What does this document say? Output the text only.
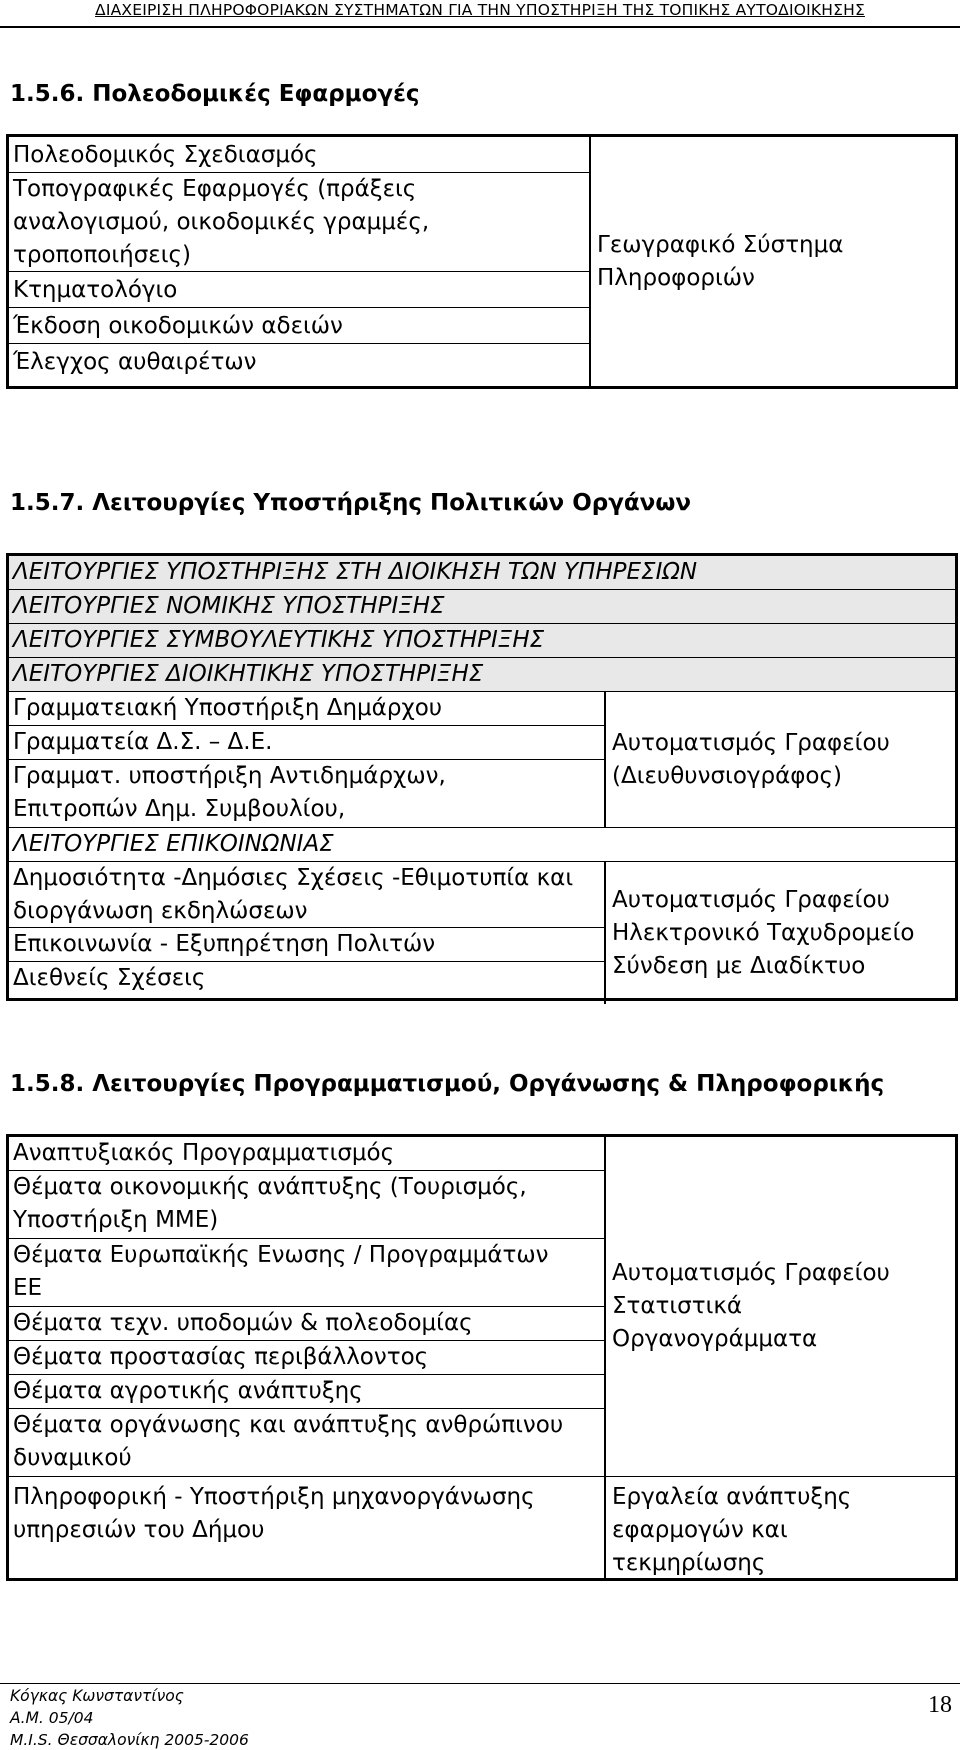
ΔΙΑΧΕΙΡΙΣΗ ΠΛΗΡΟΦΟΡΙΑΚΩΝ ΣΥΣΤΗΜΑΤΩΝ ΓΙΑ ΤΗΝ ΥΠΟΣΤΗΡΙΞΗ ΤΗΣ ΤΟΠΙΚΗΣ ΑΥΤΟΔΙΟΙΚΗΣΗΣ
1.5.6. Πολεοδομικές Εφαρμογές
Πολεοδομικός Σχεδιασμός
Τοπογραφικές Εφαρμογές (πράξεις
αναλογισμού, οικοδομικές γραμμές,
τροποποιήσεις)
Κτηματολόγιο
Έκδοση οικοδομικών αδειών
Έλεγχος αυθαιρέτων
Γεωγραφικό Σύστημα
Πληροφοριών
1.5.7. Λειτουργίες Υποστήριξης Πολιτικών Οργάνων
ΛΕΙΤΟΥΡΓΙΕΣ ΥΠΟΣΤΗΡΙΞΗΣ ΣΤΗ ΔΙΟΙΚΗΣΗ ΤΩΝ ΥΠΗΡΕΣΙΩΝ
ΛΕΙΤΟΥΡΓΙΕΣ ΝΟΜΙΚΗΣ ΥΠΟΣΤΗΡΙΞΗΣ
ΛΕΙΤΟΥΡΓΙΕΣ ΣΥΜΒΟΥΛΕΥΤΙΚΗΣ ΥΠΟΣΤΗΡΙΞΗΣ
ΛΕΙΤΟΥΡΓΙΕΣ ΔΙΟΙΚΗΤΙΚΗΣ ΥΠΟΣΤΗΡΙΞΗΣ
Γραμματειακή Υποστήριξη Δημάρχου
Γραμματεία Δ.Σ. – Δ.Ε.
Γραμματ. υποστήριξη Αντιδημάρχων,
Επιτροπών Δημ. Συμβουλίου,
Αυτοματισμός Γραφείου
(Διευθυνσιογράφος)
ΛΕΙΤΟΥΡΓΙΕΣ ΕΠΙΚΟΙΝΩΝΙΑΣ
Δημοσιότητα -Δημόσιες Σχέσεις -Εθιμοτυπία και
διοργάνωση εκδηλώσεων
Επικοινωνία - Εξυπηρέτηση Πολιτών
Διεθνείς Σχέσεις
Αυτοματισμός Γραφείου
Ηλεκτρονικό Ταχυδρομείο
Σύνδεση με Διαδίκτυο
1.5.8. Λειτουργίες Προγραμματισμού, Οργάνωσης & Πληροφορικής
Αναπτυξιακός Προγραμματισμός
Θέματα οικονομικής ανάπτυξης (Τουρισμός,
Υποστήριξη ΜΜΕ)
Θέματα Ευρωπαϊκής Ενωσης / Προγραμμάτων
ΕΕ
Θέματα τεχν. υποδομών & πολεοδομίας
Θέματα προστασίας περιβάλλοντος
Θέματα αγροτικής ανάπτυξης
Θέματα οργάνωσης και ανάπτυξης ανθρώπινου
δυναμικού
Αυτοματισμός Γραφείου
Στατιστικά
Οργανογράμματα
Πληροφορική - Υποστήριξη μηχανοργάνωσης
υπηρεσιών του Δήμου
Εργαλεία ανάπτυξης
εφαρμογών και
τεκμηρίωσης
Κόγκας Κωνσταντίνος
Α.Μ. 05/04
M.I.S. Θεσσαλονίκη 2005-2006
18
